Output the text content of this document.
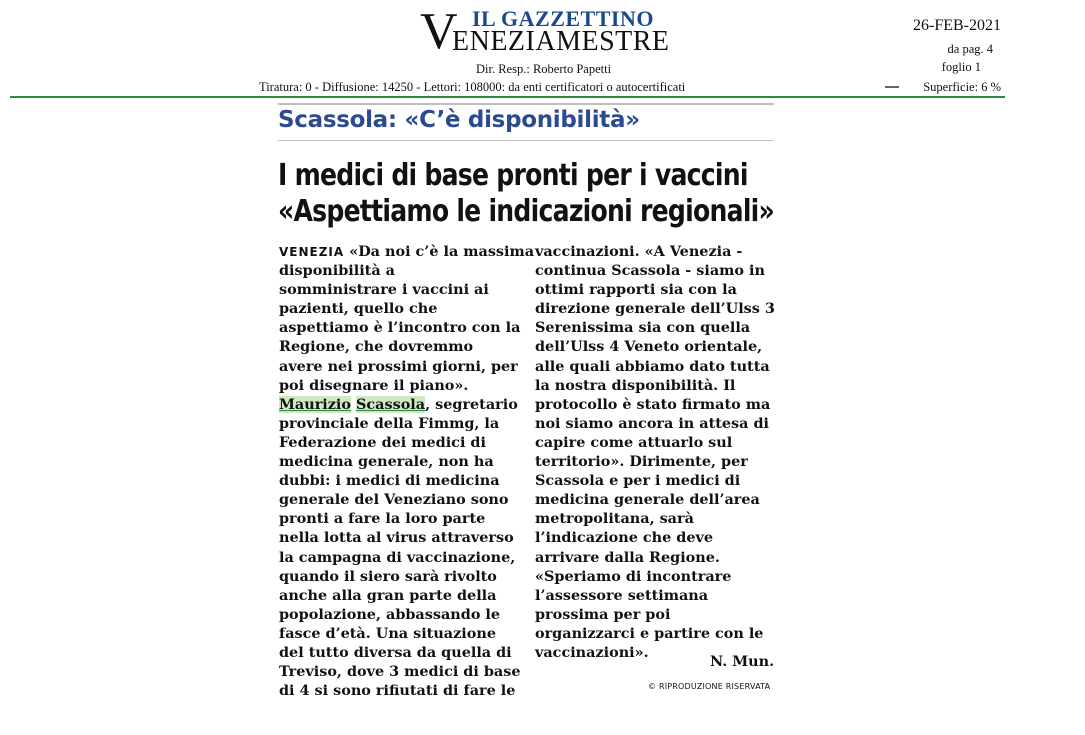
V IL GAZZETTINO
ENEZIAMESTRE
Dir. Resp.: Roberto Papetti
Tiratura: 0 - Diffusione: 14250 - Lettori: 108000: da enti certificatori o autocertificati
26-FEB-2021
da pag. 4
foglio 1
Superficie: 6 %
Scassola: «C’è disponibilità»
I medici di base pronti per i vaccini
«Aspettiamo le indicazioni regionali»
VENEZIA «Da noi c’è la massima
disponibilità a
somministrare i vaccini ai
pazienti, quello che
aspettiamo è l’incontro con la
Regione, che dovremmo
avere nei prossimi giorni, per
poi disegnare il piano».
Maurizio Scassola, segretario
provinciale della Fimmg, la
Federazione dei medici di
medicina generale, non ha
dubbi: i medici di medicina
generale del Veneziano sono
pronti a fare la loro parte
nella lotta al virus attraverso
la campagna di vaccinazione,
quando il siero sarà rivolto
anche alla gran parte della
popolazione, abbassando le
fasce d’età. Una situazione
del tutto diversa da quella di
Treviso, dove 3 medici di base
di 4 si sono rifiutati di fare le
vaccinazioni. «A Venezia -
continua Scassola - siamo in
ottimi rapporti sia con la
direzione generale dell’Ulss 3
Serenissima sia con quella
dell’Ulss 4 Veneto orientale,
alle quali abbiamo dato tutta
la nostra disponibilità. Il
protocollo è stato firmato ma
noi siamo ancora in attesa di
capire come attuarlo sul
territorio». Dirimente, per
Scassola e per i medici di
medicina generale dell’area
metropolitana, sarà
l’indicazione che deve
arrivare dalla Regione.
«Speriamo di incontrare
l’assessore settimana
prossima per poi
organizzarci e partire con le
vaccinazioni».
N. Mun.
© RIPRODUZIONE RISERVATA
